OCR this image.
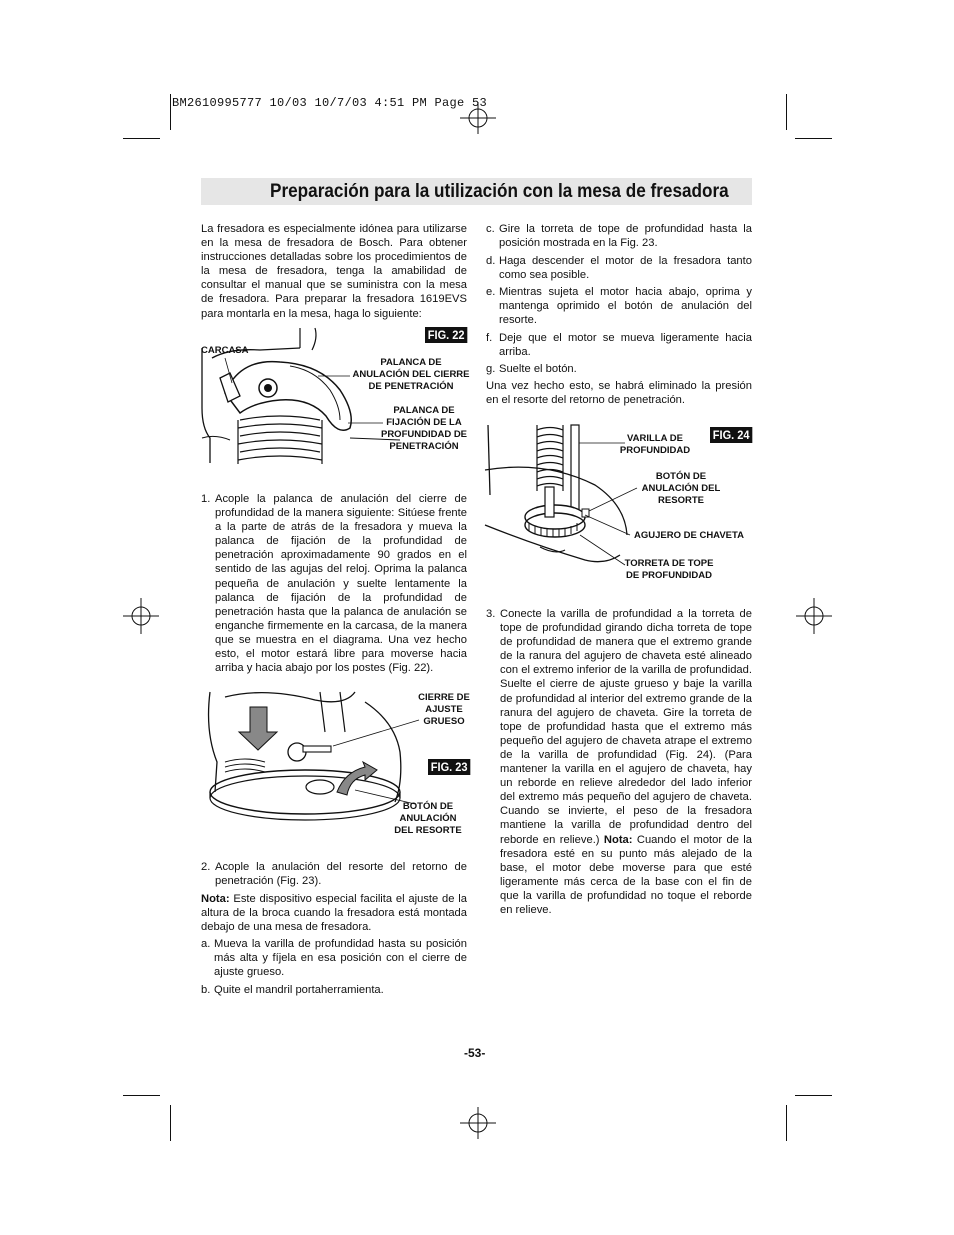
BM2610995777 10/03 10/7/03 4:51 PM Page 53
Preparación para la utilización con la mesa de fresadora
La fresadora es especialmente idónea para utilizarse en la mesa de fresadora de Bosch. Para obtener instrucciones detalladas sobre los procedimientos de la mesa de fresadora, tenga la amabilidad de consultar el manual que se suministra con la mesa de fresadora. Para preparar la fresadora 1619EVS para montarla en la mesa, haga lo siguiente:
FIG. 22
CARCASA
PALANCA DE ANULACIÓN DEL CIERRE DE PENETRACIÓN
PALANCA DE FIJACIÓN DE LA PROFUNDIDAD DE PENETRACIÓN
1. Acople la palanca de anulación del cierre de profundidad de la manera siguiente: Sitúese frente a la parte de atrás de la fresadora y mueva la palanca de fijación de la profundidad de penetración aproximadamente 90 grados en el sentido de las agujas del reloj. Oprima la palanca pequeña de anulación y suelte lentamente la palanca de fijación de la profundidad de penetración hasta que la palanca de anulación se enganche firmemente en la carcasa, de la manera que se muestra en el diagrama. Una vez hecho esto, el motor estará libre para moverse hacia arriba y hacia abajo por los postes (Fig. 22).
FIG. 23
CIERRE DE AJUSTE GRUESO
BOTÓN DE ANULACIÓN DEL RESORTE
2. Acople la anulación del resorte del retorno de penetración (Fig. 23).
Nota: Este dispositivo especial facilita el ajuste de la altura de la broca cuando la fresadora está montada debajo de una mesa de fresadora.
a. Mueva la varilla de profundidad hasta su posición más alta y fíjela en esa posición con el cierre de ajuste grueso.
b. Quite el mandril portaherramienta.
c. Gire la torreta de tope de profundidad hasta la posición mostrada en la Fig. 23.
d. Haga descender el motor de la fresadora tanto como sea posible.
e. Mientras sujeta el motor hacia abajo, oprima y mantenga oprimido el botón de anulación del resorte.
f. Deje que el motor se mueva ligeramente hacia arriba.
g. Suelte el botón.
Una vez hecho esto, se habrá eliminado la presión en el resorte del retorno de penetración.
FIG. 24
VARILLA DE PROFUNDIDAD
BOTÓN DE ANULACIÓN DEL RESORTE
AGUJERO DE CHAVETA
TORRETA DE TOPE DE PROFUNDIDAD
3. Conecte la varilla de profundidad a la torreta de tope de profundidad girando dicha torreta de tope de profundidad de manera que el extremo grande de la ranura del agujero de chaveta esté alineado con el extremo inferior de la varilla de profundidad. Suelte el cierre de ajuste grueso y baje la varilla de profundidad al interior del extremo grande de la ranura del agujero de chaveta. Gire la torreta de tope de profundidad hasta que el extremo más pequeño del agujero de chaveta atrape el extremo de la varilla de profundidad (Fig. 24). (Para mantener la varilla en el agujero de chaveta, hay un reborde en relieve alrededor del lado inferior del extremo más pequeño del agujero de chaveta. Cuando se invierte, el peso de la fresadora mantiene la varilla de profundidad dentro del reborde en relieve.) Nota: Cuando el motor de la fresadora esté en su punto más alejado de la base, el motor debe moverse para que esté ligeramente más cerca de la base con el fin de que la varilla de profundidad no toque el reborde en relieve.
-53-
